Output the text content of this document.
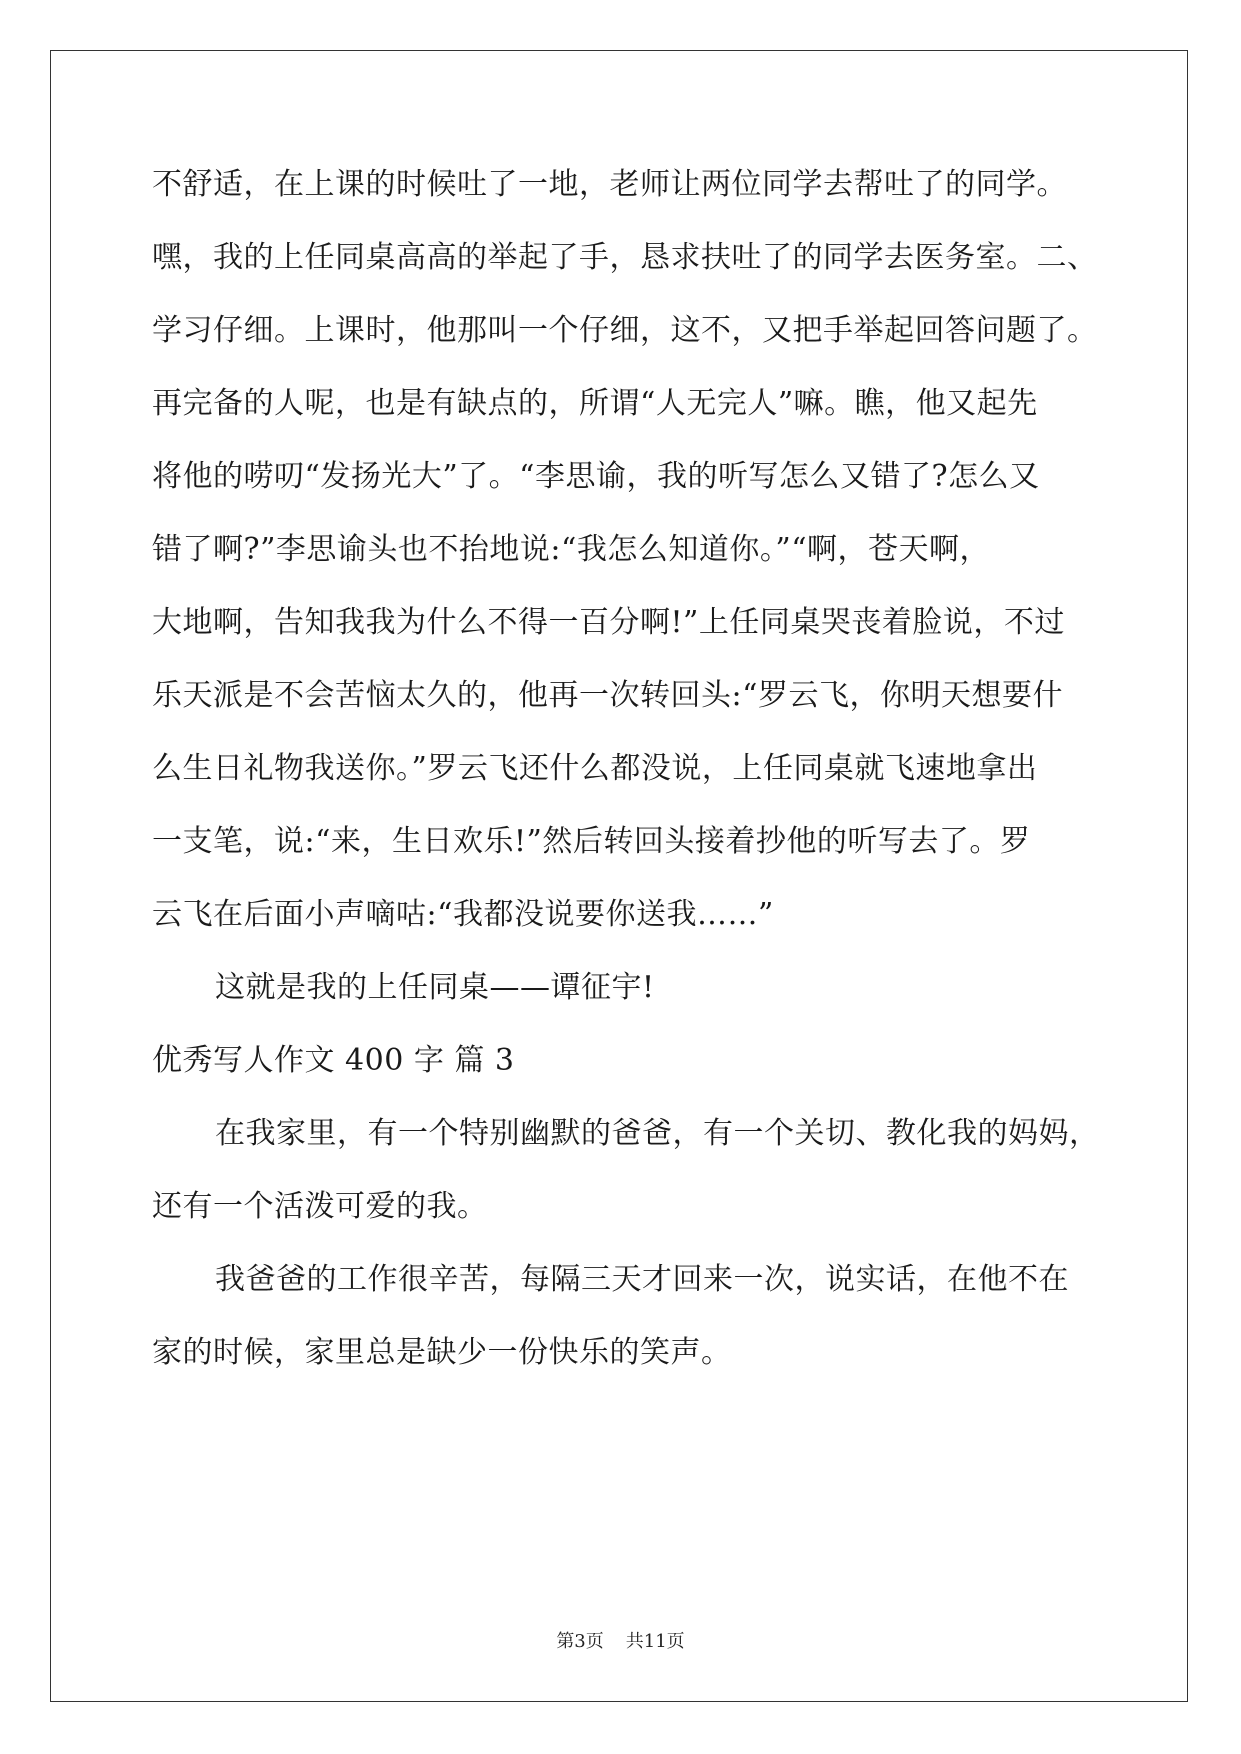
不舒适，在上课的时候吐了一地，老师让两位同学去帮吐了的同学。
嘿，我的上任同桌高高的举起了手，恳求扶吐了的同学去医务室。二、
学习仔细。上课时，他那叫一个仔细，这不，又把手举起回答问题了。
再完备的人呢，也是有缺点的，所谓“人无完人”嘛。瞧，他又起先
将他的唠叨“发扬光大”了。“李思谕，我的听写怎么又错了?怎么又
错了啊?”李思谕头也不抬地说:“我怎么知道你。”“啊，苍天啊，
大地啊，告知我我为什么不得一百分啊!”上任同桌哭丧着脸说，不过
乐天派是不会苦恼太久的，他再一次转回头:“罗云飞，你明天想要什
么生日礼物我送你。”罗云飞还什么都没说，上任同桌就飞速地拿出
一支笔，说:“来，生日欢乐!”然后转回头接着抄他的听写去了。罗
云飞在后面小声嘀咕:“我都没说要你送我……”
这就是我的上任同桌——谭征宇!
优秀写人作文 400 字 篇 3
在我家里，有一个特别幽默的爸爸，有一个关切、教化我的妈妈，
还有一个活泼可爱的我。
我爸爸的工作很辛苦，每隔三天才回来一次，说实话，在他不在
家的时候，家里总是缺少一份快乐的笑声。
第3页 共11页
